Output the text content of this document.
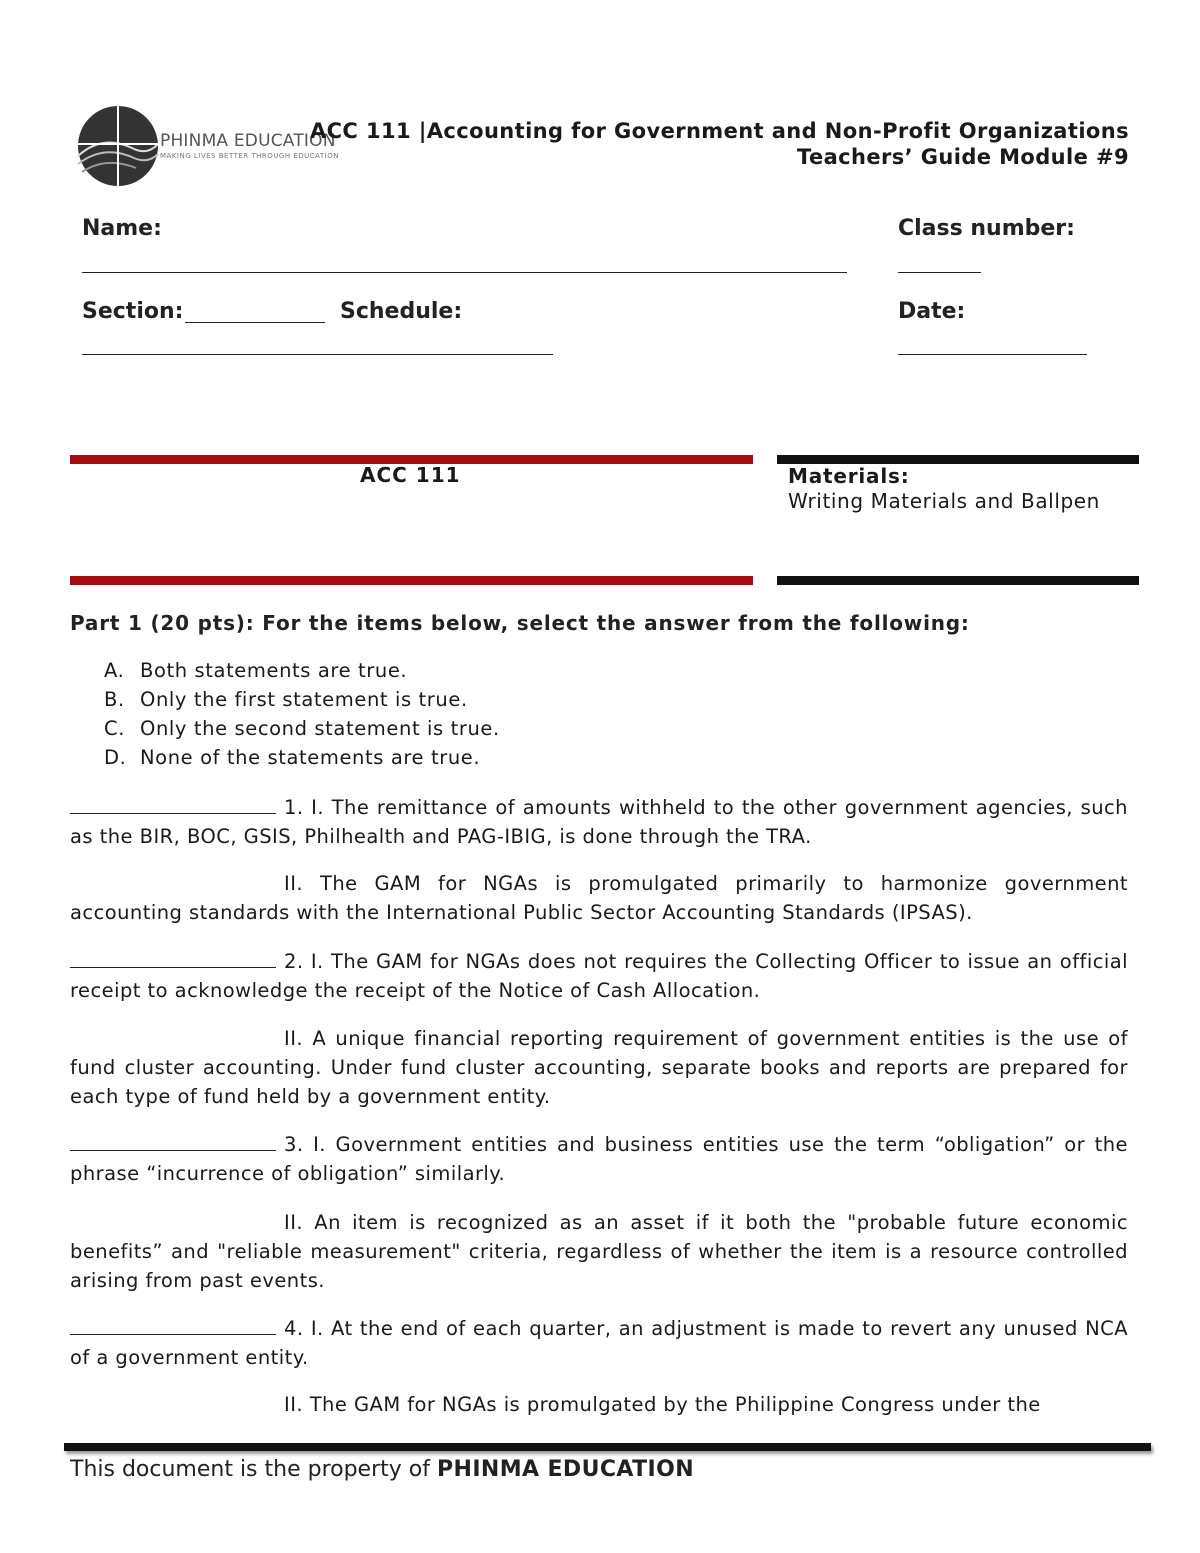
PHINMA EDUCATION
MAKING LIVES BETTER THROUGH EDUCATION
ACC 111 |Accounting for Government and Non-Profit Organizations
Teachers’ Guide Module #9
Name:	Class number:
Section:	Schedule:	Date:
ACC 111	Materials:
Writing Materials and Ballpen
Part 1 (20 pts): For the items below, select the answer from the following:
A. Both statements are true.
B. Only the first statement is true.
C. Only the second statement is true.
D. None of the statements are true.
1. I. The remittance of amounts withheld to the other government agencies, such as the BIR, BOC, GSIS, Philhealth and PAG-IBIG, is done through the TRA.
II. The GAM for NGAs is promulgated primarily to harmonize government accounting standards with the International Public Sector Accounting Standards (IPSAS).
2. I. The GAM for NGAs does not requires the Collecting Officer to issue an official receipt to acknowledge the receipt of the Notice of Cash Allocation.
II. A unique financial reporting requirement of government entities is the use of fund cluster accounting. Under fund cluster accounting, separate books and reports are prepared for each type of fund held by a government entity.
3. I. Government entities and business entities use the term “obligation” or the phrase “incurrence of obligation” similarly.
II. An item is recognized as an asset if it both the "probable future economic benefits” and "reliable measurement" criteria, regardless of whether the item is a resource controlled arising from past events.
4. I. At the end of each quarter, an adjustment is made to revert any unused NCA of a government entity.
II. The GAM for NGAs is promulgated by the Philippine Congress under the
This document is the property of PHINMA EDUCATION
